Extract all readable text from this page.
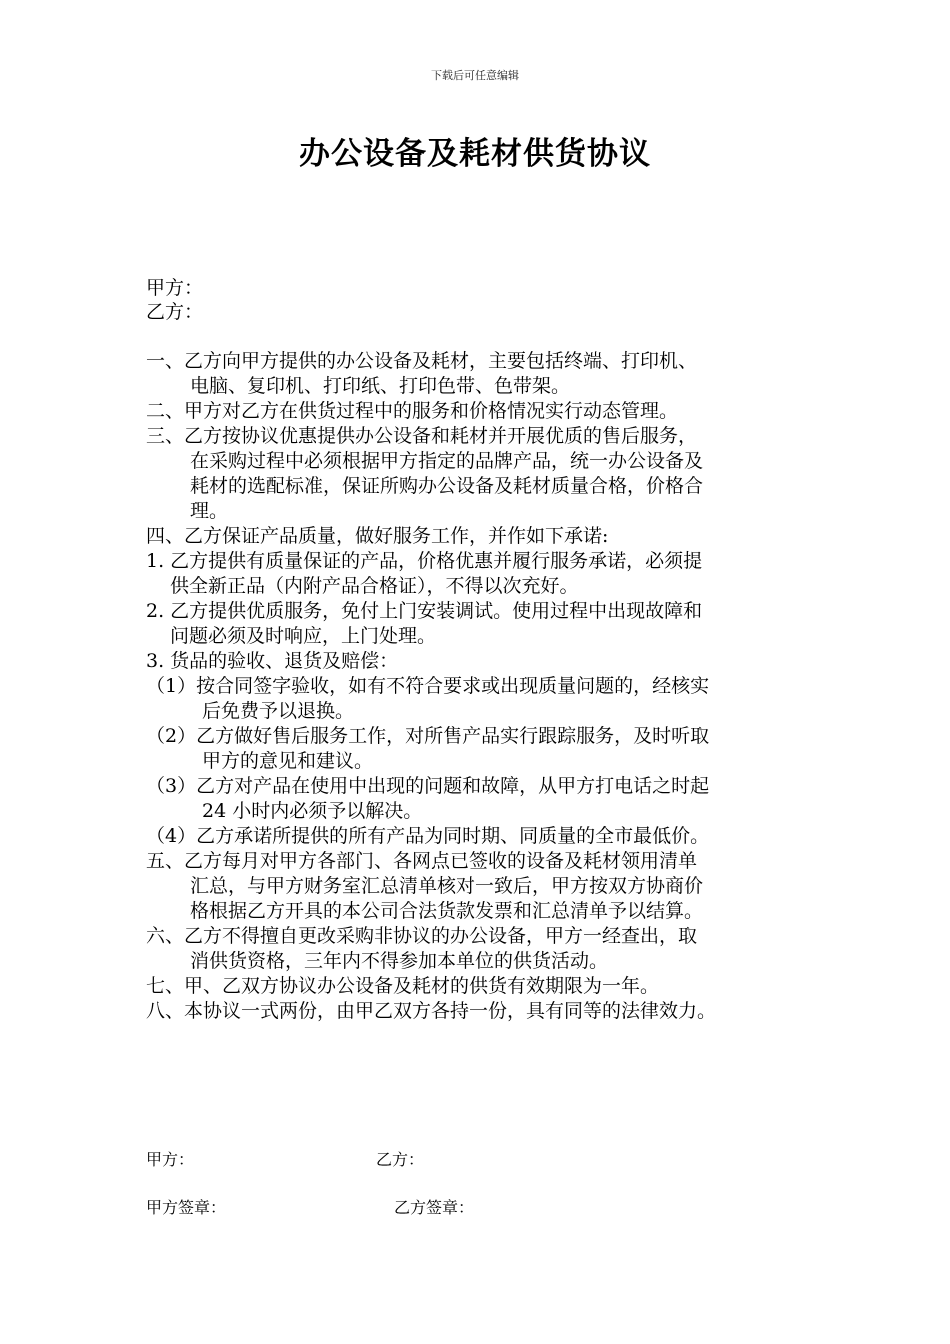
下载后可任意编辑
办公设备及耗材供货协议
甲方：
乙方：
一、乙方向甲方提供的办公设备及耗材，主要包括终端、打印机、
电脑、复印机、打印纸、打印色带、色带架。
二、甲方对乙方在供货过程中的服务和价格情况实行动态管理。
三、乙方按协议优惠提供办公设备和耗材并开展优质的售后服务，
在采购过程中必须根据甲方指定的品牌产品，统一办公设备及
耗材的选配标准，保证所购办公设备及耗材质量合格，价格合
理。
四、乙方保证产品质量，做好服务工作，并作如下承诺:
1. 乙方提供有质量保证的产品，价格优惠并履行服务承诺，必须提
供全新正品（内附产品合格证），不得以次充好。
2. 乙方提供优质服务，免付上门安装调试。使用过程中出现故障和
问题必须及时响应，上门处理。
3. 货品的验收、退货及赔偿：
（1）按合同签字验收，如有不符合要求或出现质量问题的，经核实
后免费予以退换。
（2）乙方做好售后服务工作，对所售产品实行跟踪服务，及时听取
甲方的意见和建议。
（3）乙方对产品在使用中出现的问题和故障，从甲方打电话之时起
24 小时内必须予以解决。
（4）乙方承诺所提供的所有产品为同时期、同质量的全市最低价。
五、乙方每月对甲方各部门、各网点已签收的设备及耗材领用清单
汇总，与甲方财务室汇总清单核对一致后，甲方按双方协商价
格根据乙方开具的本公司合法货款发票和汇总清单予以结算。
六、乙方不得擅自更改采购非协议的办公设备，甲方一经查出，取
消供货资格，三年内不得参加本单位的供货活动。
七、甲、乙双方协议办公设备及耗材的供货有效期限为一年。
八、本协议一式两份，由甲乙双方各持一份，具有同等的法律效力。
甲方：	乙方：
甲方签章：	乙方签章：
